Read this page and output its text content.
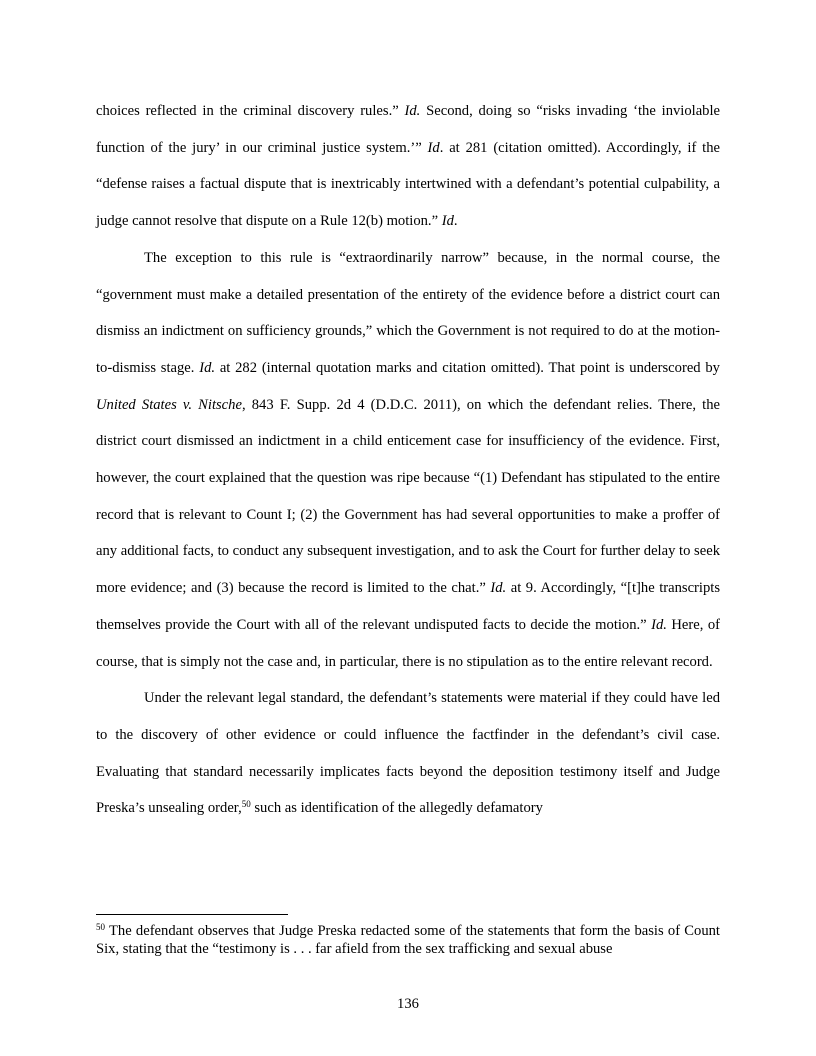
choices reflected in the criminal discovery rules.” Id. Second, doing so “risks invading ‘the inviolable function of the jury’ in our criminal justice system.’” Id. at 281 (citation omitted). Accordingly, if the “defense raises a factual dispute that is inextricably intertwined with a defendant’s potential culpability, a judge cannot resolve that dispute on a Rule 12(b) motion.” Id.

The exception to this rule is “extraordinarily narrow” because, in the normal course, the “government must make a detailed presentation of the entirety of the evidence before a district court can dismiss an indictment on sufficiency grounds,” which the Government is not required to do at the motion-to-dismiss stage. Id. at 282 (internal quotation marks and citation omitted). That point is underscored by United States v. Nitsche, 843 F. Supp. 2d 4 (D.D.C. 2011), on which the defendant relies. There, the district court dismissed an indictment in a child enticement case for insufficiency of the evidence. First, however, the court explained that the question was ripe because “(1) Defendant has stipulated to the entire record that is relevant to Count I; (2) the Government has had several opportunities to make a proffer of any additional facts, to conduct any subsequent investigation, and to ask the Court for further delay to seek more evidence; and (3) because the record is limited to the chat.” Id. at 9. Accordingly, “[t]he transcripts themselves provide the Court with all of the relevant undisputed facts to decide the motion.” Id. Here, of course, that is simply not the case and, in particular, there is no stipulation as to the entire relevant record.

Under the relevant legal standard, the defendant’s statements were material if they could have led to the discovery of other evidence or could influence the factfinder in the defendant’s civil case. Evaluating that standard necessarily implicates facts beyond the deposition testimony itself and Judge Preska’s unsealing order,$^{50}$ such as identification of the allegedly defamatory

$^{50}$ The defendant observes that Judge Preska redacted some of the statements that form the basis of Count Six, stating that the “testimony is . . . far afield from the sex trafficking and sexual abuse

136
